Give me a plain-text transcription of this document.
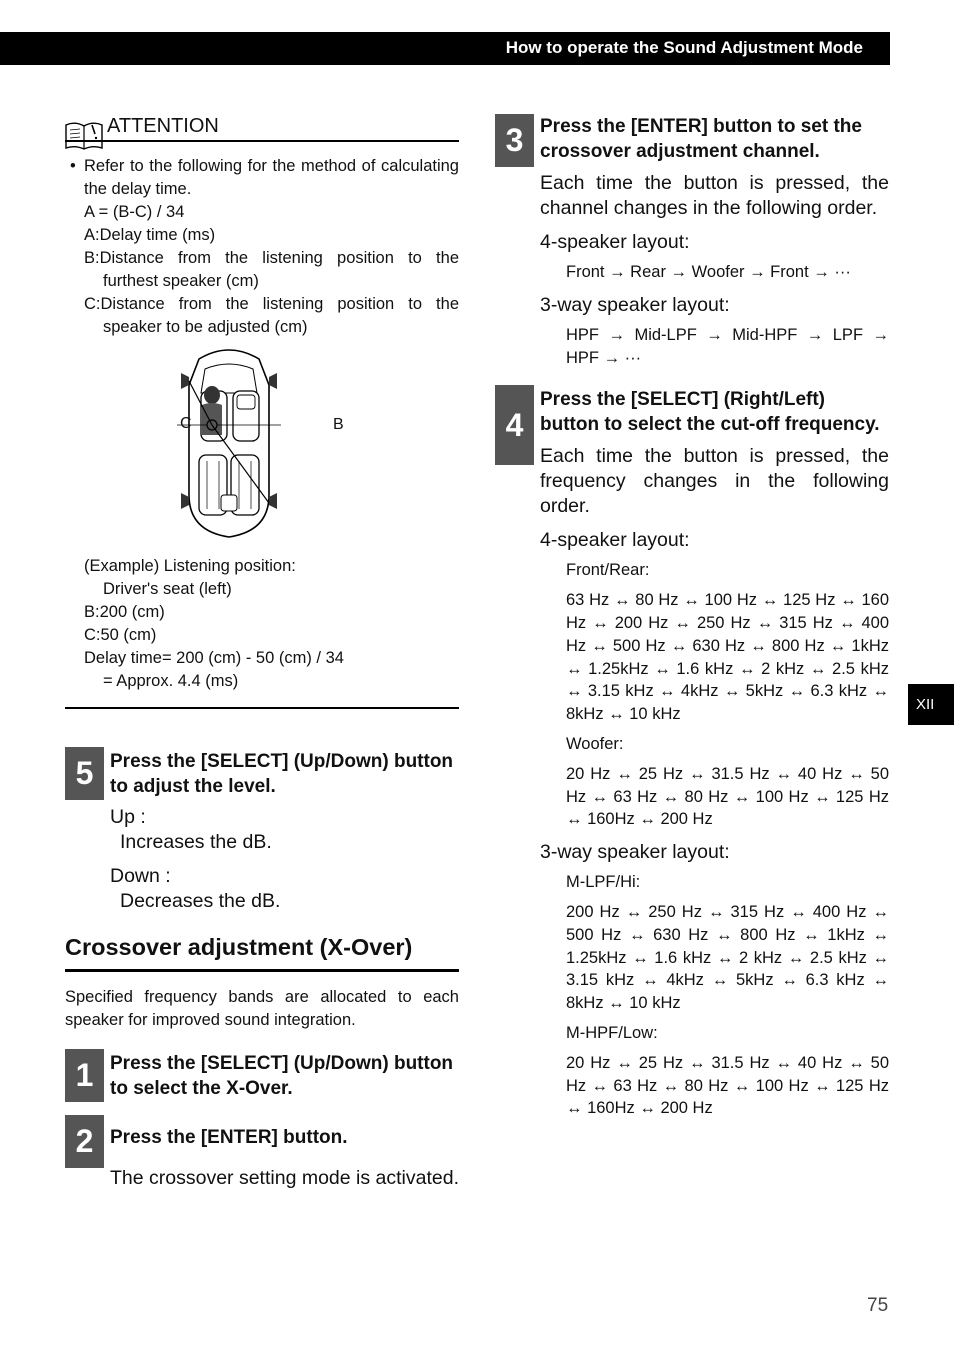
How to operate the Sound Adjustment Mode
XII
ATTENTION
• Refer to the following for the method of calculating the delay time.
A = (B-C) / 34
A:Delay time (ms)
B:Distance from the listening position to the furthest speaker (cm)
C:Distance from the listening position to the speaker to be adjusted (cm)
C	B
(Example) Listening position:
Driver's seat (left)
B:200 (cm)
C:50 (cm)
Delay time= 200 (cm) - 50 (cm) / 34
= Approx. 4.4 (ms)
5 Press the [SELECT] (Up/Down) button to adjust the level.
Up :
Increases the dB.
Down :
Decreases the dB.
Crossover adjustment (X-Over)
Specified frequency bands are allocated to each speaker for improved sound integration.
1 Press the [SELECT] (Up/Down) button to select the X-Over.
2 Press the [ENTER] button.
The crossover setting mode is activated.
3 Press the [ENTER] button to set the crossover adjustment channel.
Each time the button is pressed, the channel changes in the following order.
4-speaker layout:
Front → Rear → Woofer → Front → ···
3-way speaker layout:
HPF → Mid-LPF → Mid-HPF → LPF → HPF → ···
4
Press the [SELECT] (Right/Left) button to select the cut-off frequency.
Each time the button is pressed, the frequency changes in the following order.
4-speaker layout:
Front/Rear:
63 Hz ↔ 80 Hz ↔ 100 Hz ↔ 125 Hz ↔ 160 Hz ↔ 200 Hz ↔ 250 Hz ↔ 315 Hz ↔ 400 Hz ↔ 500 Hz ↔ 630 Hz ↔ 800 Hz ↔ 1kHz ↔ 1.25kHz ↔ 1.6 kHz ↔ 2 kHz ↔ 2.5 kHz ↔ 3.15 kHz ↔ 4kHz ↔ 5kHz ↔ 6.3 kHz ↔ 8kHz ↔ 10 kHz
Woofer:
20 Hz ↔ 25 Hz ↔ 31.5 Hz ↔ 40 Hz ↔ 50 Hz ↔ 63 Hz ↔ 80 Hz ↔ 100 Hz ↔ 125 Hz ↔ 160Hz ↔ 200 Hz
3-way speaker layout:
M-LPF/Hi:
200 Hz ↔ 250 Hz ↔ 315 Hz ↔ 400 Hz ↔ 500 Hz ↔ 630 Hz ↔ 800 Hz ↔ 1kHz ↔ 1.25kHz ↔ 1.6 kHz ↔ 2 kHz ↔ 2.5 kHz ↔ 3.15 kHz ↔ 4kHz ↔ 5kHz ↔ 6.3 kHz ↔ 8kHz ↔ 10 kHz
M-HPF/Low:
20 Hz ↔ 25 Hz ↔ 31.5 Hz ↔ 40 Hz ↔ 50 Hz ↔ 63 Hz ↔ 80 Hz ↔ 100 Hz ↔ 125 Hz ↔ 160Hz ↔ 200 Hz
75
